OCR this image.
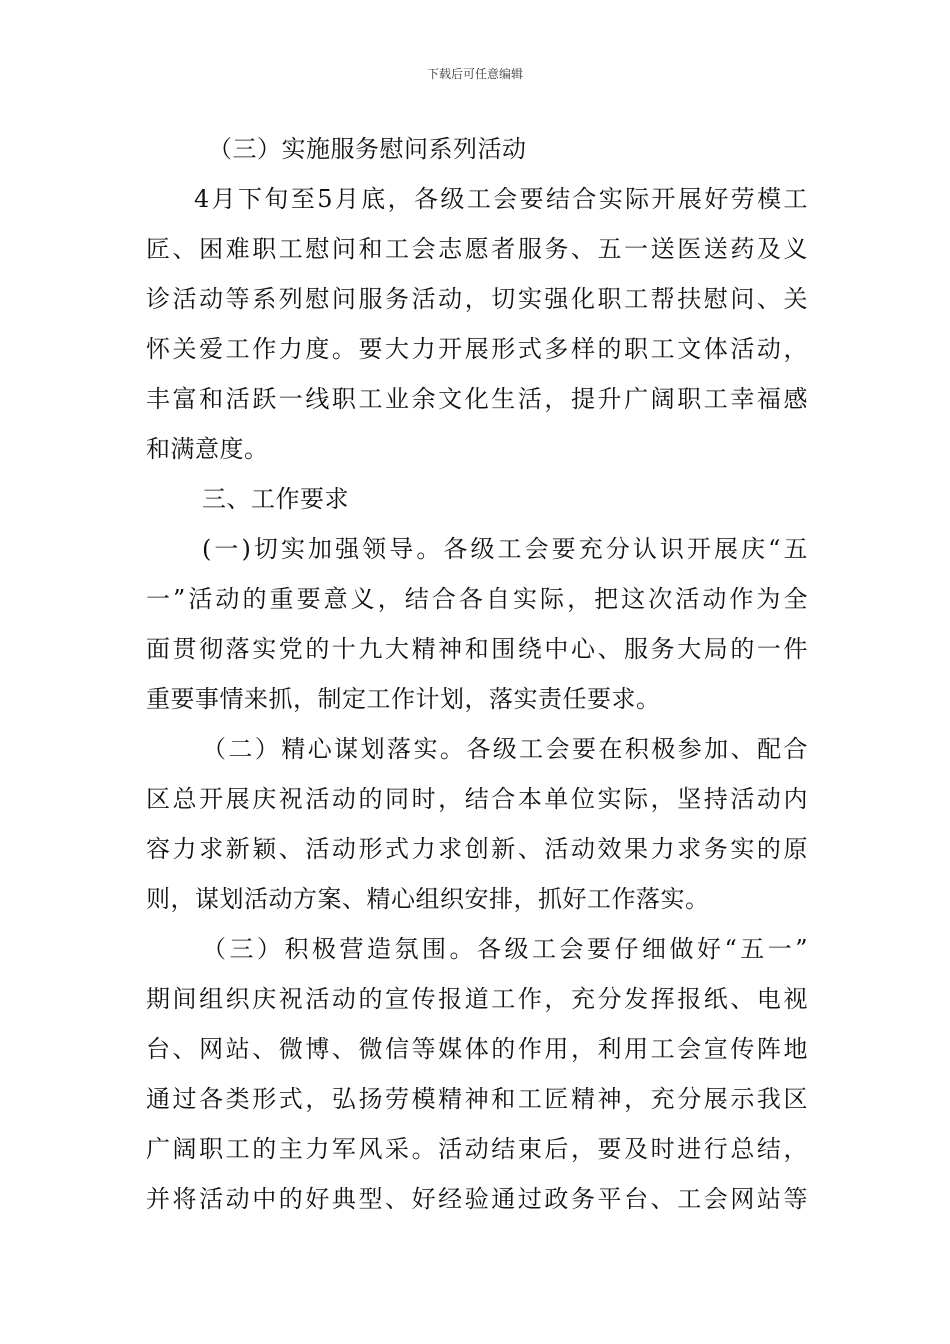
下载后可任意编辑
（三）实施服务慰问系列活动
4月下旬至5月底，各级工会要结合实际开展好劳模工
匠、困难职工慰问和工会志愿者服务、五一送医送药及义
诊活动等系列慰问服务活动，切实强化职工帮扶慰问、关
怀关爱工作力度。要大力开展形式多样的职工文体活动，
丰富和活跃一线职工业余文化生活，提升广阔职工幸福感
和满意度。
三、工作要求
(一)切实加强领导。各级工会要充分认识开展庆“五
一”活动的重要意义，结合各自实际，把这次活动作为全
面贯彻落实党的十九大精神和围绕中心、服务大局的一件
重要事情来抓，制定工作计划，落实责任要求。
（二）精心谋划落实。各级工会要在积极参加、配合
区总开展庆祝活动的同时，结合本单位实际，坚持活动内
容力求新颖、活动形式力求创新、活动效果力求务实的原
则，谋划活动方案、精心组织安排，抓好工作落实。
（三）积极营造氛围。各级工会要仔细做好“五一”
期间组织庆祝活动的宣传报道工作，充分发挥报纸、电视
台、网站、微博、微信等媒体的作用，利用工会宣传阵地
通过各类形式，弘扬劳模精神和工匠精神，充分展示我区
广阔职工的主力军风采。活动结束后，要及时进行总结，
并将活动中的好典型、好经验通过政务平台、工会网站等
